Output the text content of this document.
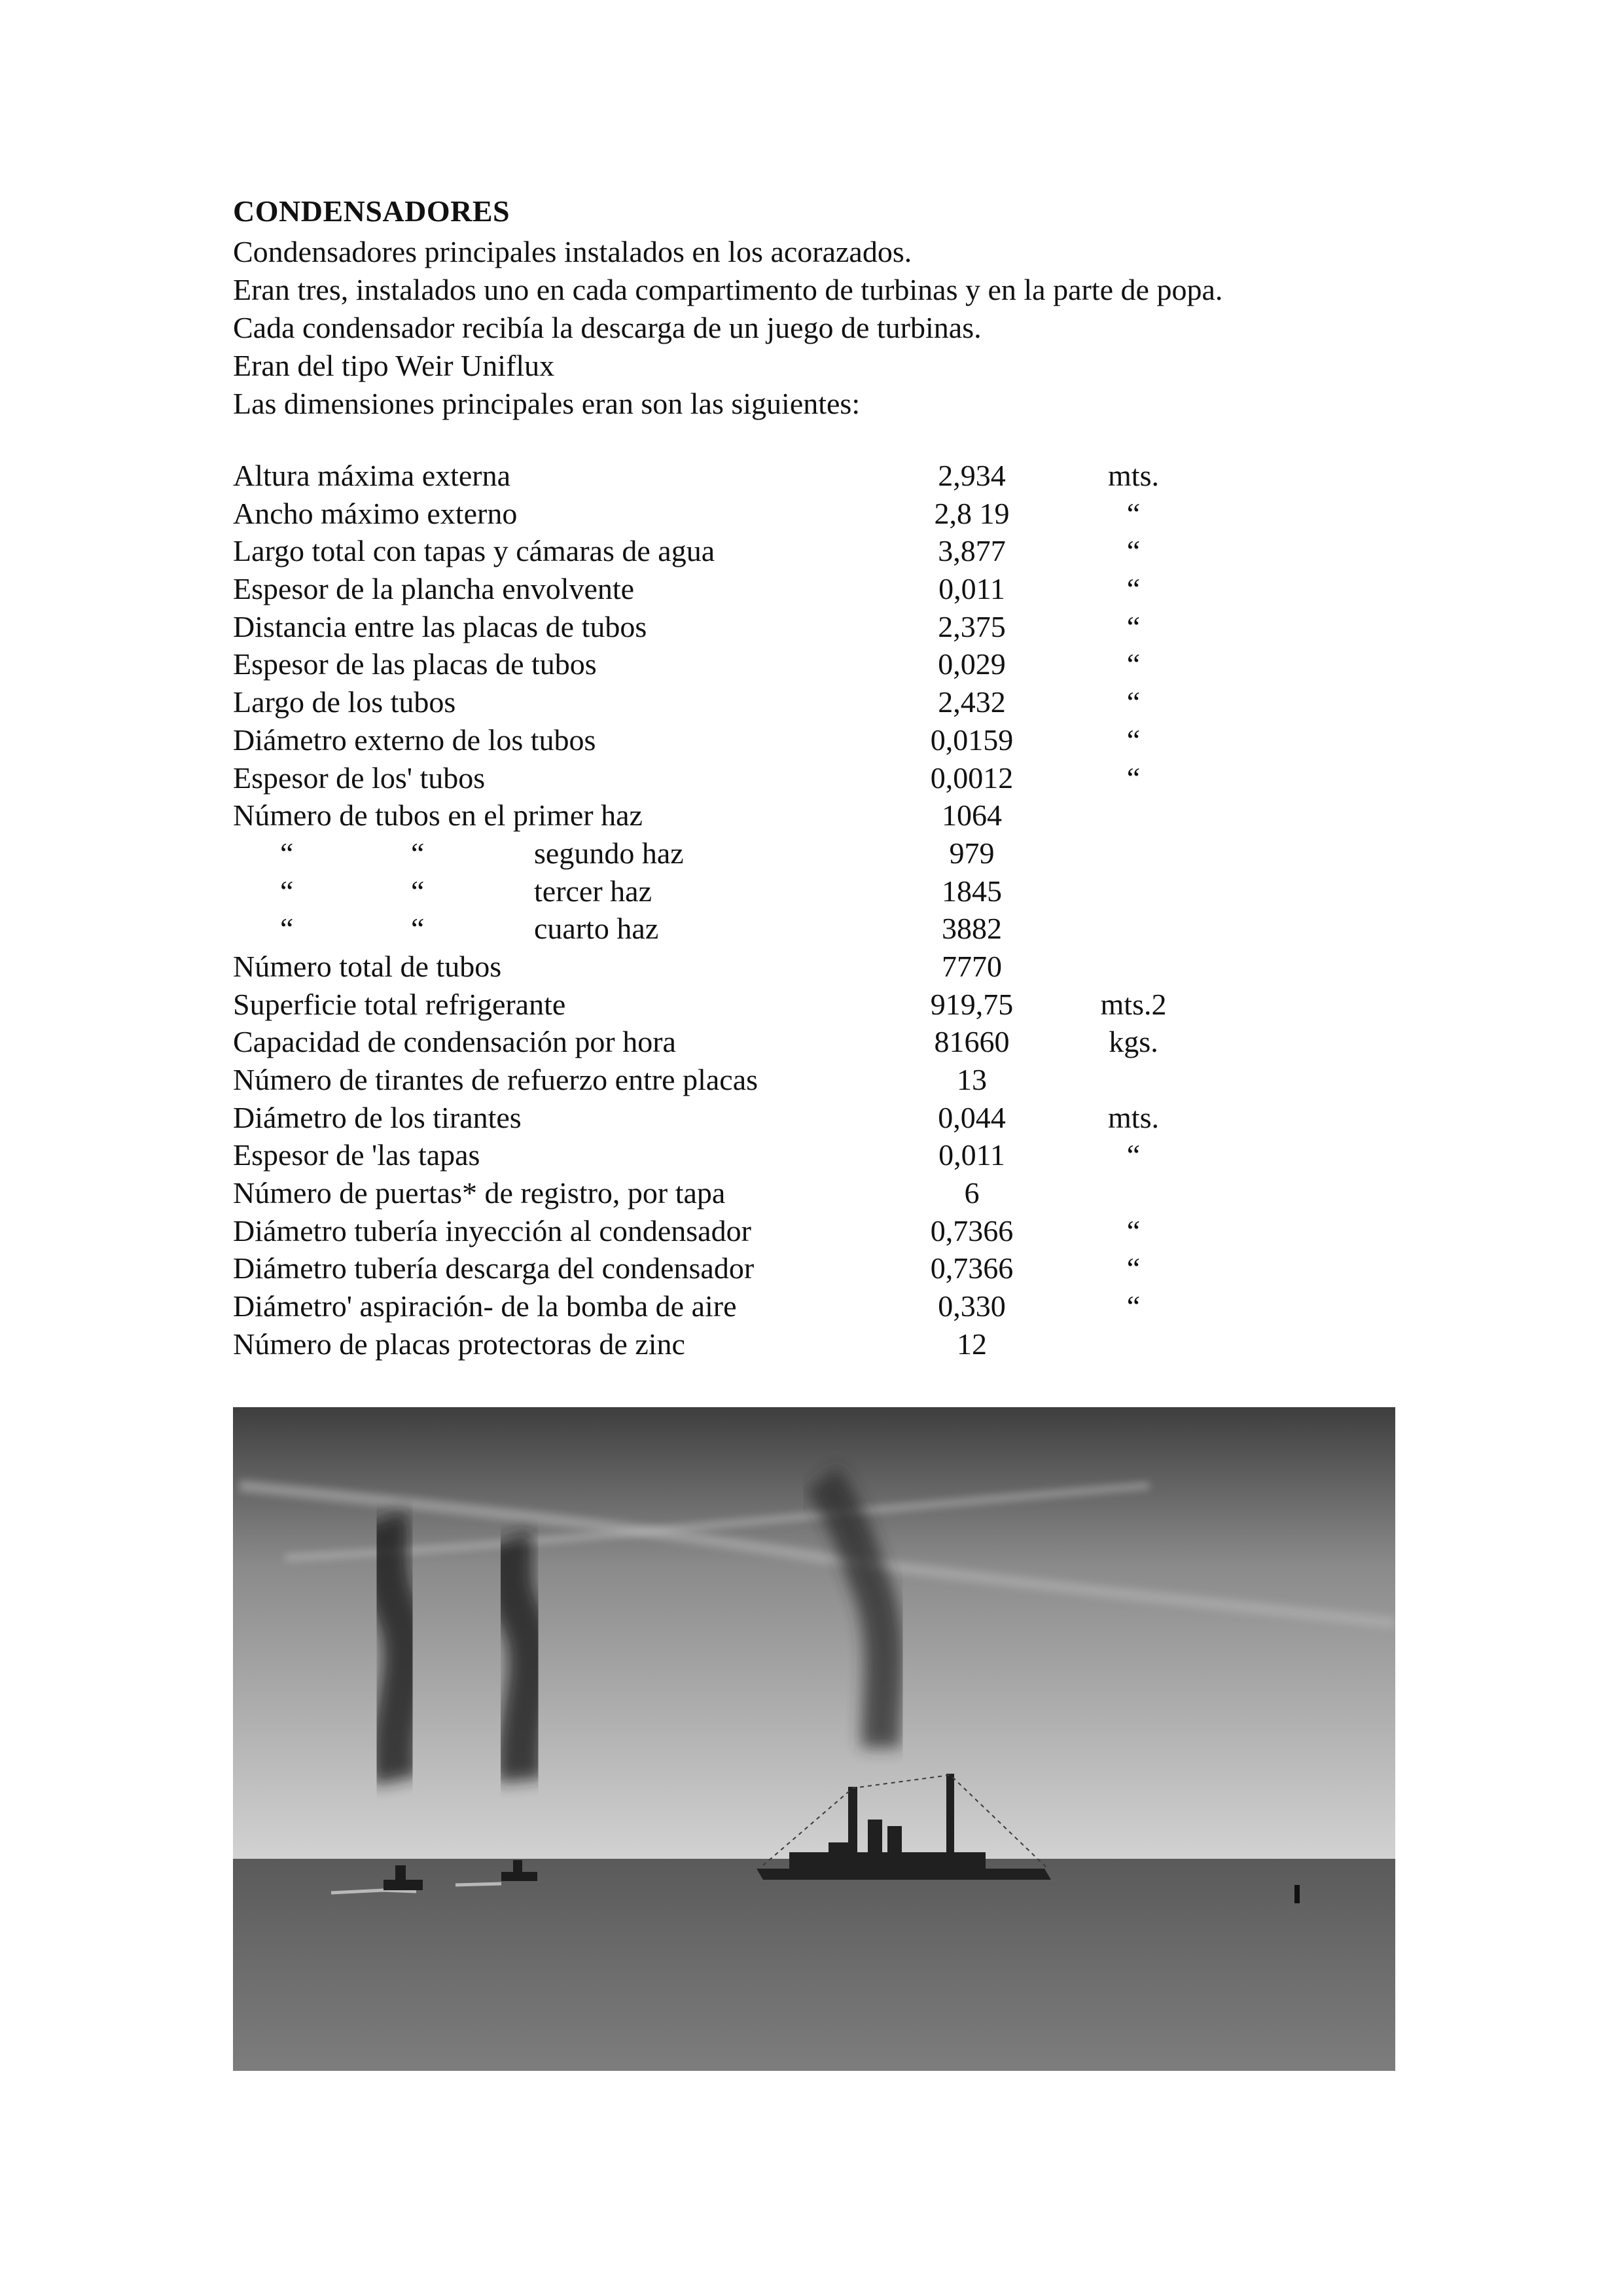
CONDENSADORES
Condensadores principales instalados en los acorazados.
Eran tres, instalados uno en cada compartimento de turbinas y en la parte de popa.
Cada condensador recibía la descarga de un juego de turbinas.
Eran del tipo Weir Uniflux
Las dimensiones principales eran son las siguientes:
Altura máxima externa	2,934	mts.
Ancho máximo externo	2,8 19	“
Largo total con tapas y cámaras de agua	3,877	“
Espesor de la plancha envolvente	0,011	“
Distancia entre las placas de tubos	2,375	“
Espesor de las placas de tubos	0,029	“
Largo de los tubos	2,432	“
Diámetro externo de los tubos	0,0159	“
Espesor de los' tubos	0,0012	“
Número de tubos en el primer haz	1064
“	“	segundo haz	979
“	“	tercer haz	1845
“	“	cuarto haz	3882
Número total de tubos	7770
Superficie total refrigerante	919,75	mts.2
Capacidad de condensación por hora	81660	kgs.
Número de tirantes de refuerzo entre placas	13
Diámetro de los tirantes	0,044	mts.
Espesor de 'las tapas	0,011	“
Número de puertas* de registro, por tapa	6
Diámetro tubería inyección al condensador	0,7366	“
Diámetro tubería descarga del condensador	0,7366	“
Diámetro' aspiración- de la bomba de aire	0,330	“
Número de placas protectoras de zinc	12
